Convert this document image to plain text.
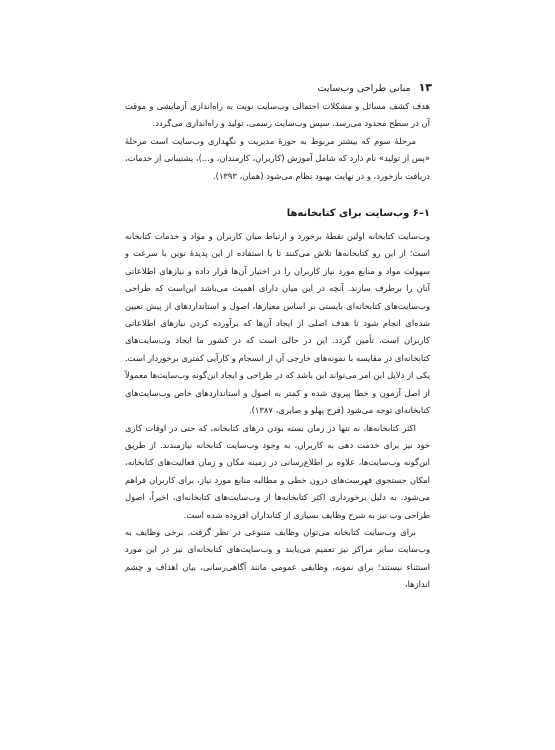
۱۳
مبانی طراحی وب‌سایت

هدف کشف مسائل و مشکلات احتمالی وب‌سایت نوبت به راه‌اندازی آزمایشی و موقت آن در سطح محدود می‌رسد. سپس وب‌سایت رسمی، تولید و راه‌اندازی می‌گردد.

مرحلۀ سوم که بیشتر مربوط به حوزۀ مدیریت و نگهداری وب‌سایت است مرحلۀ «پس از تولید» نام دارد که شامل آموزش (کاربران، کارمندان، و...)، پشتیبانی از خدمات، دریافت بازخورد، و در نهایت بهبود نظام می‌شود (همان، ۱۳۹۳).

۱–۶ وب‌سایت برای کتابخانه‌ها

وب‌سایت کتابخانه اولین نقطۀ برخورد و ارتباط میان کاربران و مواد و خدمات کتابخانه است؛ از این رو کتابخانه‌ها تلاش می‌کنند تا با استفاده از این پدیدۀ نوین با سرعت و سهولت مواد و منابع مورد نیاز کاربران را در اختیار آن‌ها قرار داده و نیازهای اطلاعاتی آنان را برطرف سازند. آنچه در این میان دارای اهمیت می‌باشد این‌است که طراحی وب‌سایت‌های کتابخانه‌ای بایستی بر اساس معیارها، اصول و استانداردهای از پیش تعیین شده‌ای انجام شود تا هدف اصلی از ایجاد آن‌ها که برآورده کردن نیازهای اطلاعاتی کاربران است، تأمین گردد. این در حالی است که در کشور ما ایجاد وب‌سایت‌های کتابخانه‌ای در مقایسه با نمونه‌های خارجی آن از انسجام و کارآیی کمتری برخوردار است. یکی از دلایل این امر می‌تواند این باشد که در طراحی و ایجاد این‌گونه وب‌سایت‌ها معمولاً از اصل آزمون و خطا پیروی شده و کمتر به اصول و استانداردهای خاص وب‌سایت‌های کتابخانه‌ای توجه می‌شود (فرج پهلو و صابری، ۱۳۸۷).

اکثر کتابخانه‌ها، نه تنها در زمان بسته بودن درهای کتابخانه، که حتی در اوقات کاری خود نیز برای خدمت دهی به کاربران، به وجود وب‌سایت کتابخانه نیازمندند. از طریق این‌گونه وب‌سایت‌ها، علاوه بر اطلاع‌رسانی در زمینه مکان و زمان فعالیت‌های کتابخانه، امکان جستجوی فهرست‌های درون خطی و مطالبه منابع مورد نیاز، برای کاربران فراهم می‌شود. به دلیل برخورداری اکثر کتابخانه‌ها از وب‌سایت‌های کتابخانه‌ای، اخیراً، اصول طراحی وب نیز به شرح وظایف بسیاری از کتابداران افزوده شده است.

برای وب‌سایت کتابخانه می‌توان وظایف متنوعی در نظر گرفت. برخی وظایف به وب‌سایت سایر مراکز نیز تعمیم می‌یابند و وب‌سایت‌های کتابخانه‌ای نیز در این مورد استثناء نیستند؛ برای نمونه، وظایفی عمومی مانند آگاهی‌رسانی، بیان اهداف و چشم اندازها،
